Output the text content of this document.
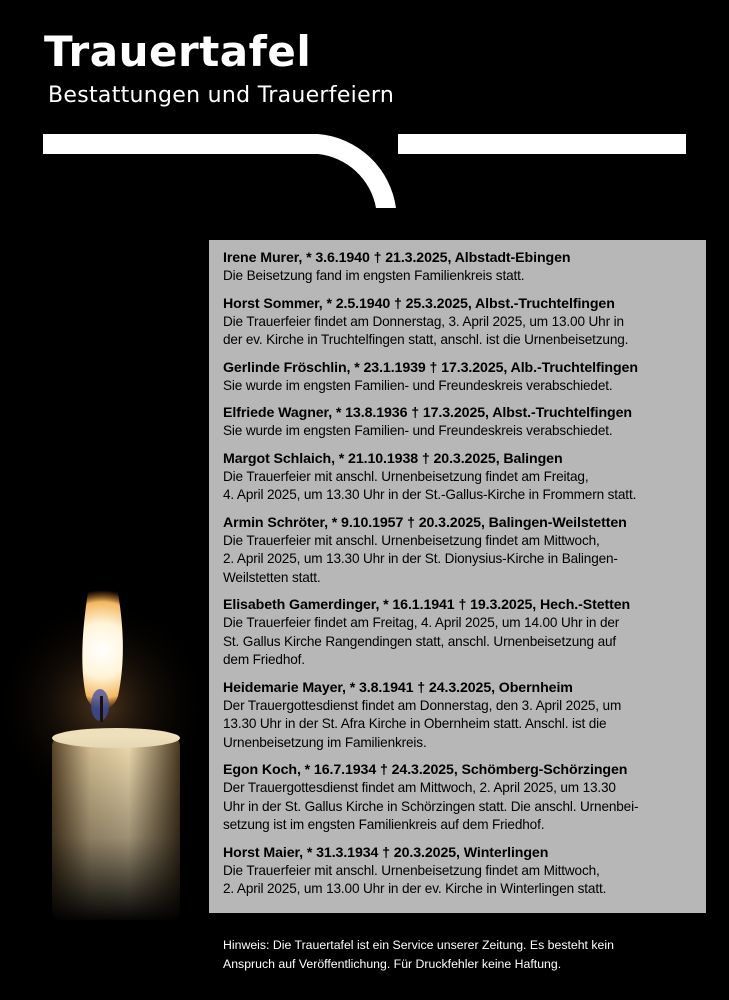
Trauertafel
Bestattungen und Trauerfeiern
Irene Murer, * 3.6.1940 † 21.3.2025, Albstadt-Ebingen
Die Beisetzung fand im engsten Familienkreis statt.
Horst Sommer, * 2.5.1940 † 25.3.2025, Albst.-Truchtelfingen
Die Trauerfeier findet am Donnerstag, 3. April 2025, um 13.00 Uhr in
der ev. Kirche in Truchtelfingen statt, anschl. ist die Urnenbeisetzung.
Gerlinde Fröschlin, * 23.1.1939 † 17.3.2025, Alb.-Truchtelfingen
Sie wurde im engsten Familien- und Freundeskreis verabschiedet.
Elfriede Wagner, * 13.8.1936 † 17.3.2025, Albst.-Truchtelfingen
Sie wurde im engsten Familien- und Freundeskreis verabschiedet.
Margot Schlaich, * 21.10.1938 † 20.3.2025, Balingen
Die Trauerfeier mit anschl. Urnenbeisetzung findet am Freitag,
4. April 2025, um 13.30 Uhr in der St.-Gallus-Kirche in Frommern statt.
Armin Schröter, * 9.10.1957 † 20.3.2025, Balingen-Weilstetten
Die Trauerfeier mit anschl. Urnenbeisetzung findet am Mittwoch,
2. April 2025, um 13.30 Uhr in der St. Dionysius-Kirche in Balingen-
Weilstetten statt.
Elisabeth Gamerdinger, * 16.1.1941 † 19.3.2025, Hech.-Stetten
Die Trauerfeier findet am Freitag, 4. April 2025, um 14.00 Uhr in der
St. Gallus Kirche Rangendingen statt, anschl. Urnenbeisetzung auf
dem Friedhof.
Heidemarie Mayer, * 3.8.1941 † 24.3.2025, Obernheim
Der Trauergottesdienst findet am Donnerstag, den 3. April 2025, um
13.30 Uhr in der St. Afra Kirche in Obernheim statt. Anschl. ist die
Urnenbeisetzung im Familienkreis.
Egon Koch, * 16.7.1934 † 24.3.2025, Schömberg-Schörzingen
Der Trauergottesdienst findet am Mittwoch, 2. April 2025, um 13.30
Uhr in der St. Gallus Kirche in Schörzingen statt. Die anschl. Urnenbei-
setzung ist im engsten Familienkreis auf dem Friedhof.
Horst Maier, * 31.3.1934 † 20.3.2025, Winterlingen
Die Trauerfeier mit anschl. Urnenbeisetzung findet am Mittwoch,
2. April 2025, um 13.00 Uhr in der ev. Kirche in Winterlingen statt.
Hinweis: Die Trauertafel ist ein Service unserer Zeitung. Es besteht kein
Anspruch auf Veröffentlichung. Für Druckfehler keine Haftung.
